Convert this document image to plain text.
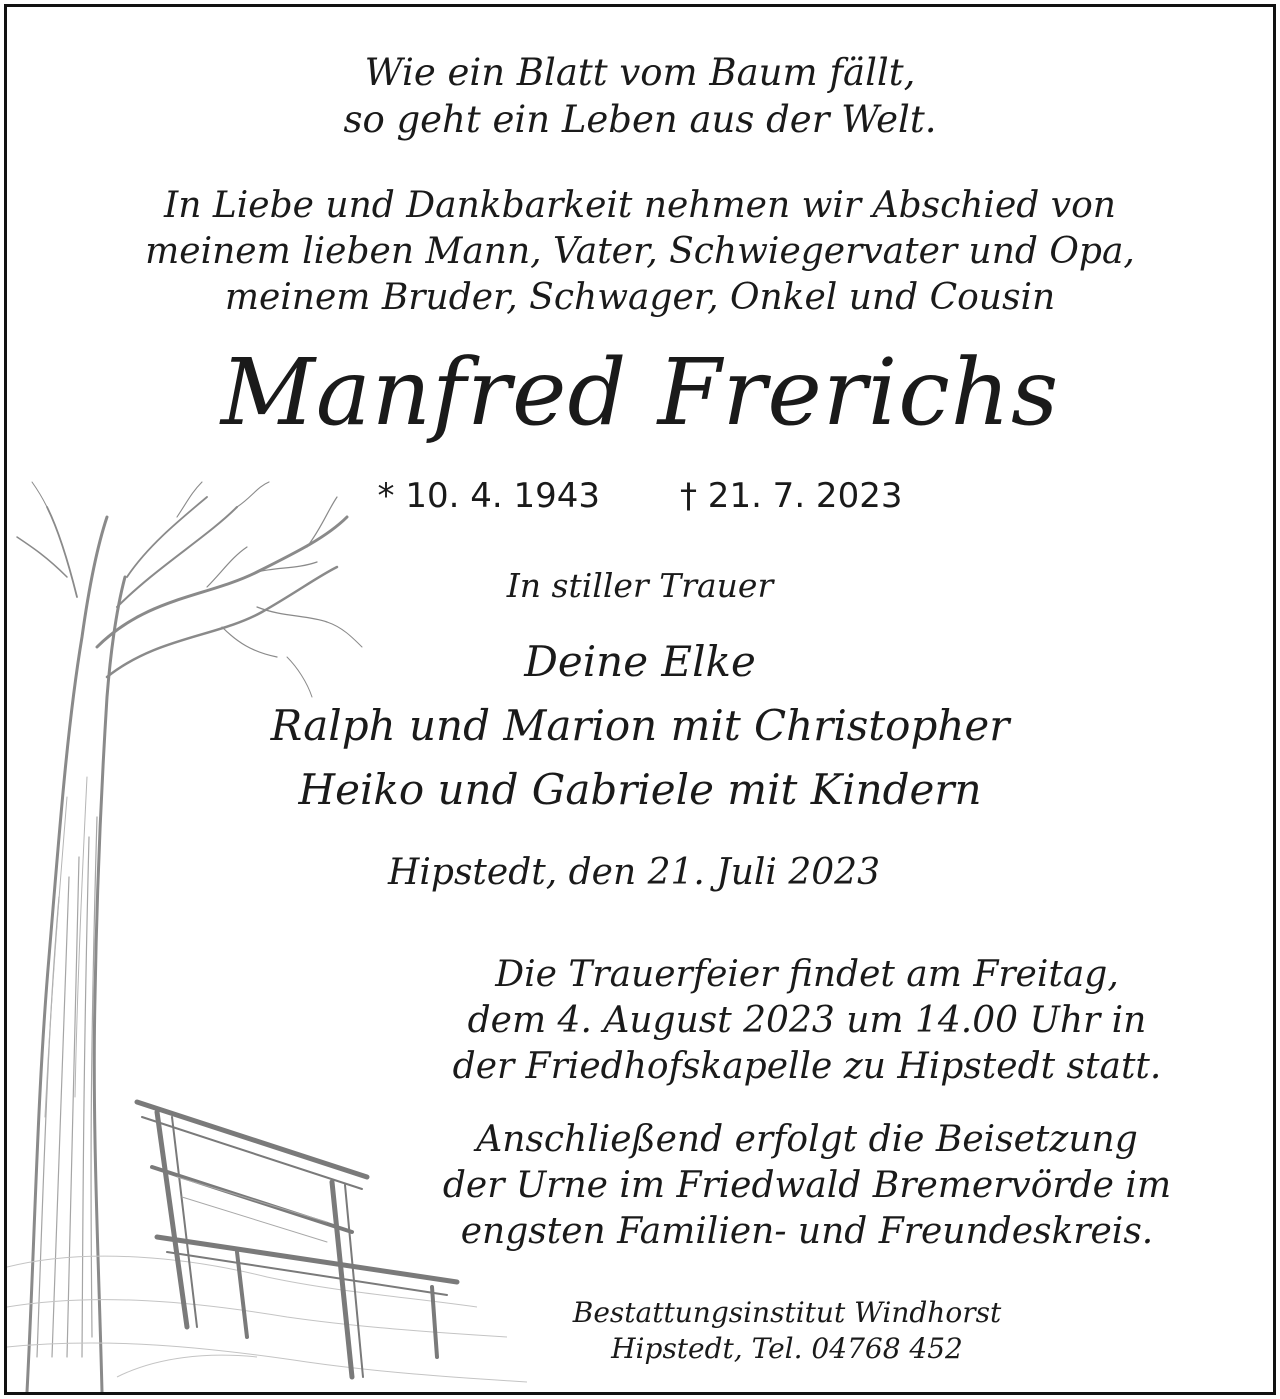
Wie ein Blatt vom Baum fällt,
so geht ein Leben aus der Welt.
In Liebe und Dankbarkeit nehmen wir Abschied von
meinem lieben Mann, Vater, Schwiegervater und Opa,
meinem Bruder, Schwager, Onkel und Cousin
Manfred Frerichs
* 10. 4. 1943 † 21. 7. 2023
In stiller Trauer
Deine Elke
Ralph und Marion mit Christopher
Heiko und Gabriele mit Kindern
Hipstedt, den 21. Juli 2023
Die Trauerfeier findet am Freitag,
dem 4. August 2023 um 14.00 Uhr in
der Friedhofskapelle zu Hipstedt statt.
Anschließend erfolgt die Beisetzung
der Urne im Friedwald Bremervörde im
engsten Familien- und Freundeskreis.
Bestattungsinstitut Windhorst
Hipstedt, Tel. 04768 452
